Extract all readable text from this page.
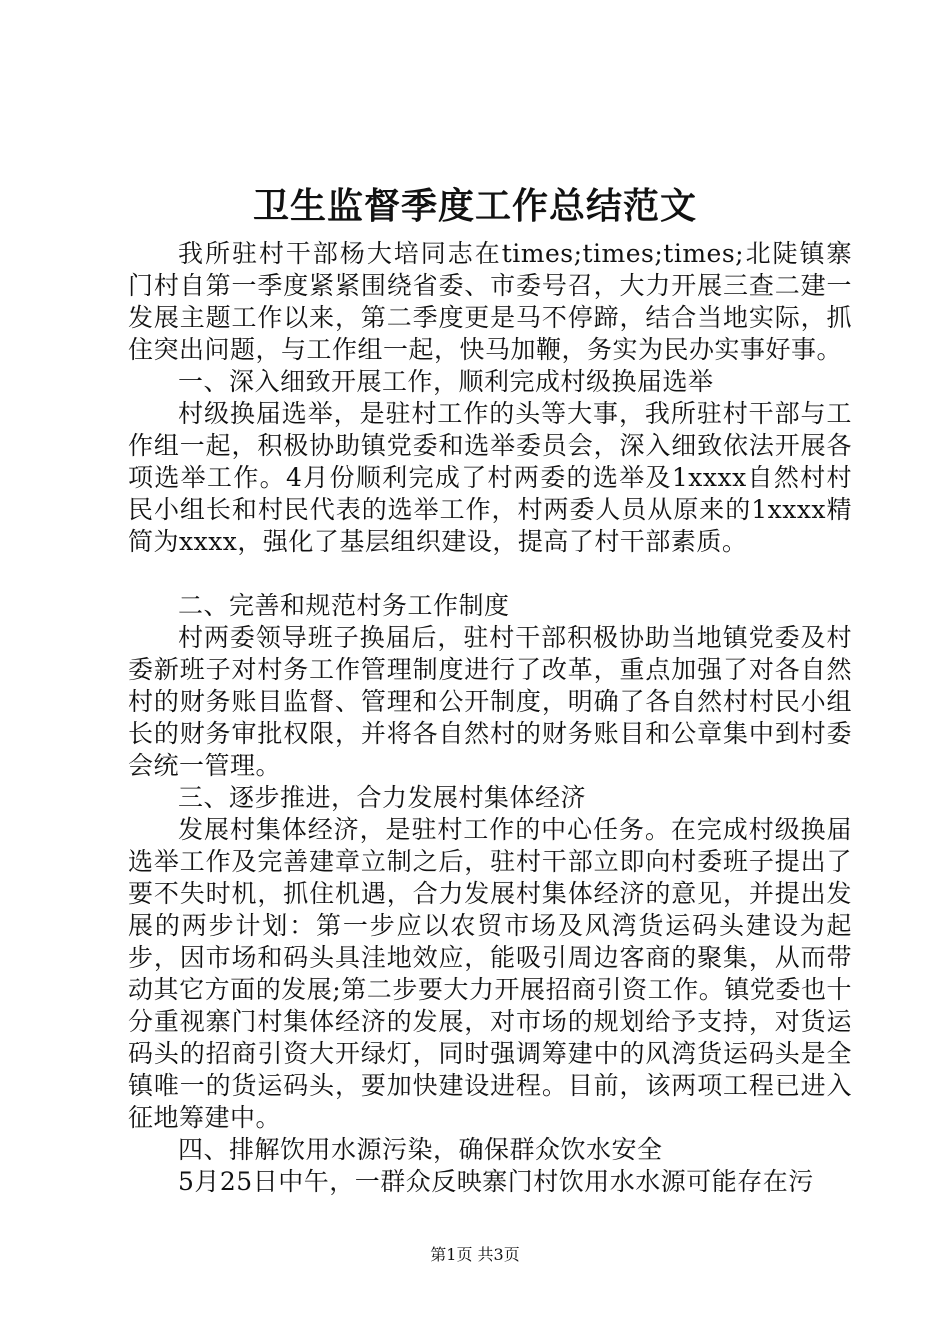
卫生监督季度工作总结范文

我所驻村干部杨大培同志在times;times;times;北陡镇寨门村自第一季度紧紧围绕省委、市委号召，大力开展三查二建一发展主题工作以来，第二季度更是马不停蹄，结合当地实际，抓住突出问题，与工作组一起，快马加鞭，务实为民办实事好事。

一、深入细致开展工作，顺利完成村级换届选举

村级换届选举，是驻村工作的头等大事，我所驻村干部与工作组一起，积极协助镇党委和选举委员会，深入细致依法开展各项选举工作。4月份顺利完成了村两委的选举及1xxxx自然村村民小组长和村民代表的选举工作，村两委人员从原来的1xxxx精简为xxxx，强化了基层组织建设，提高了村干部素质。

二、完善和规范村务工作制度

村两委领导班子换届后，驻村干部积极协助当地镇党委及村委新班子对村务工作管理制度进行了改革，重点加强了对各自然村的财务账目监督、管理和公开制度，明确了各自然村村民小组长的财务审批权限，并将各自然村的财务账目和公章集中到村委会统一管理。

三、逐步推进，合力发展村集体经济

发展村集体经济，是驻村工作的中心任务。在完成村级换届选举工作及完善建章立制之后，驻村干部立即向村委班子提出了要不失时机，抓住机遇，合力发展村集体经济的意见，并提出发展的两步计划：第一步应以农贸市场及风湾货运码头建设为起步，因市场和码头具洼地效应，能吸引周边客商的聚集，从而带动其它方面的发展;第二步要大力开展招商引资工作。镇党委也十分重视寨门村集体经济的发展，对市场的规划给予支持，对货运码头的招商引资大开绿灯，同时强调筹建中的风湾货运码头是全镇唯一的货运码头，要加快建设进程。目前，该两项工程已进入征地筹建中。

四、排解饮用水源污染，确保群众饮水安全

5月25日中午，一群众反映寨门村饮用水水源可能存在污

第1页 共3页
